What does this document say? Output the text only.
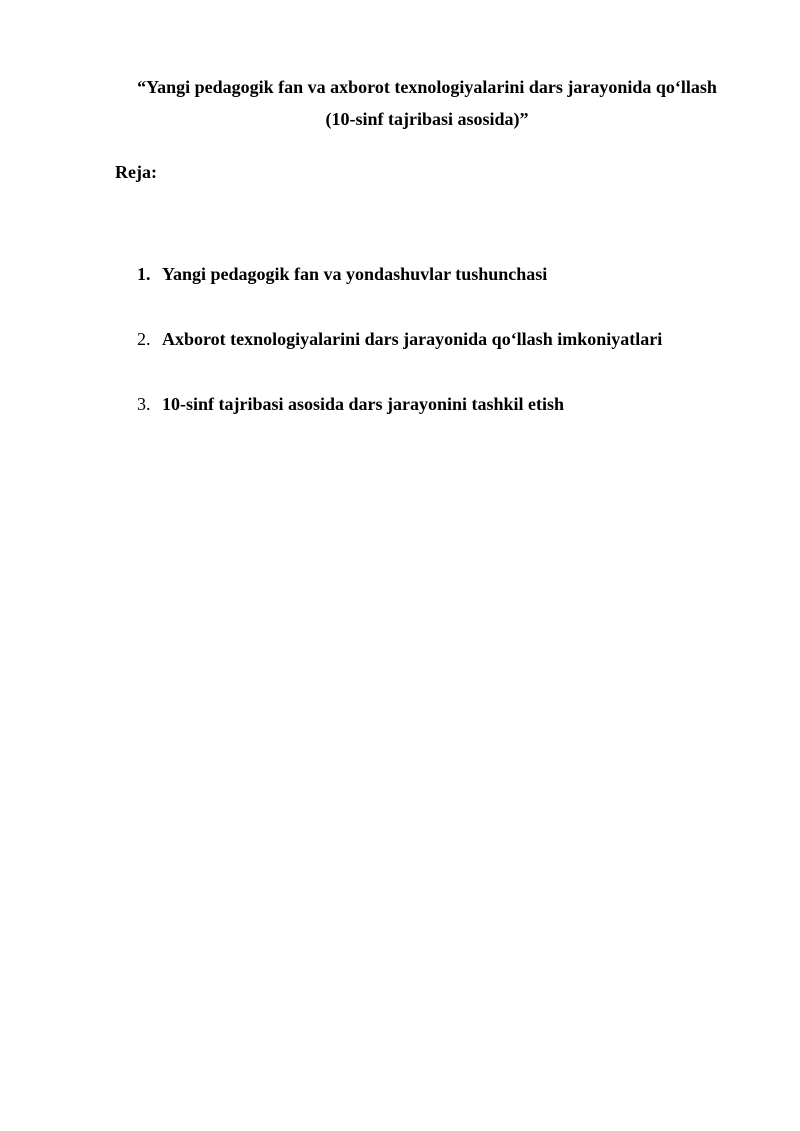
“Yangi pedagogik fan va axborot texnologiyalarini dars jarayonida qo‘llash
(10-sinf tajribasi asosida)”
Reja:
1. Yangi pedagogik fan va yondashuvlar tushunchasi
2. Axborot texnologiyalarini dars jarayonida qo‘llash imkoniyatlari
3. 10-sinf tajribasi asosida dars jarayonini tashkil etish
